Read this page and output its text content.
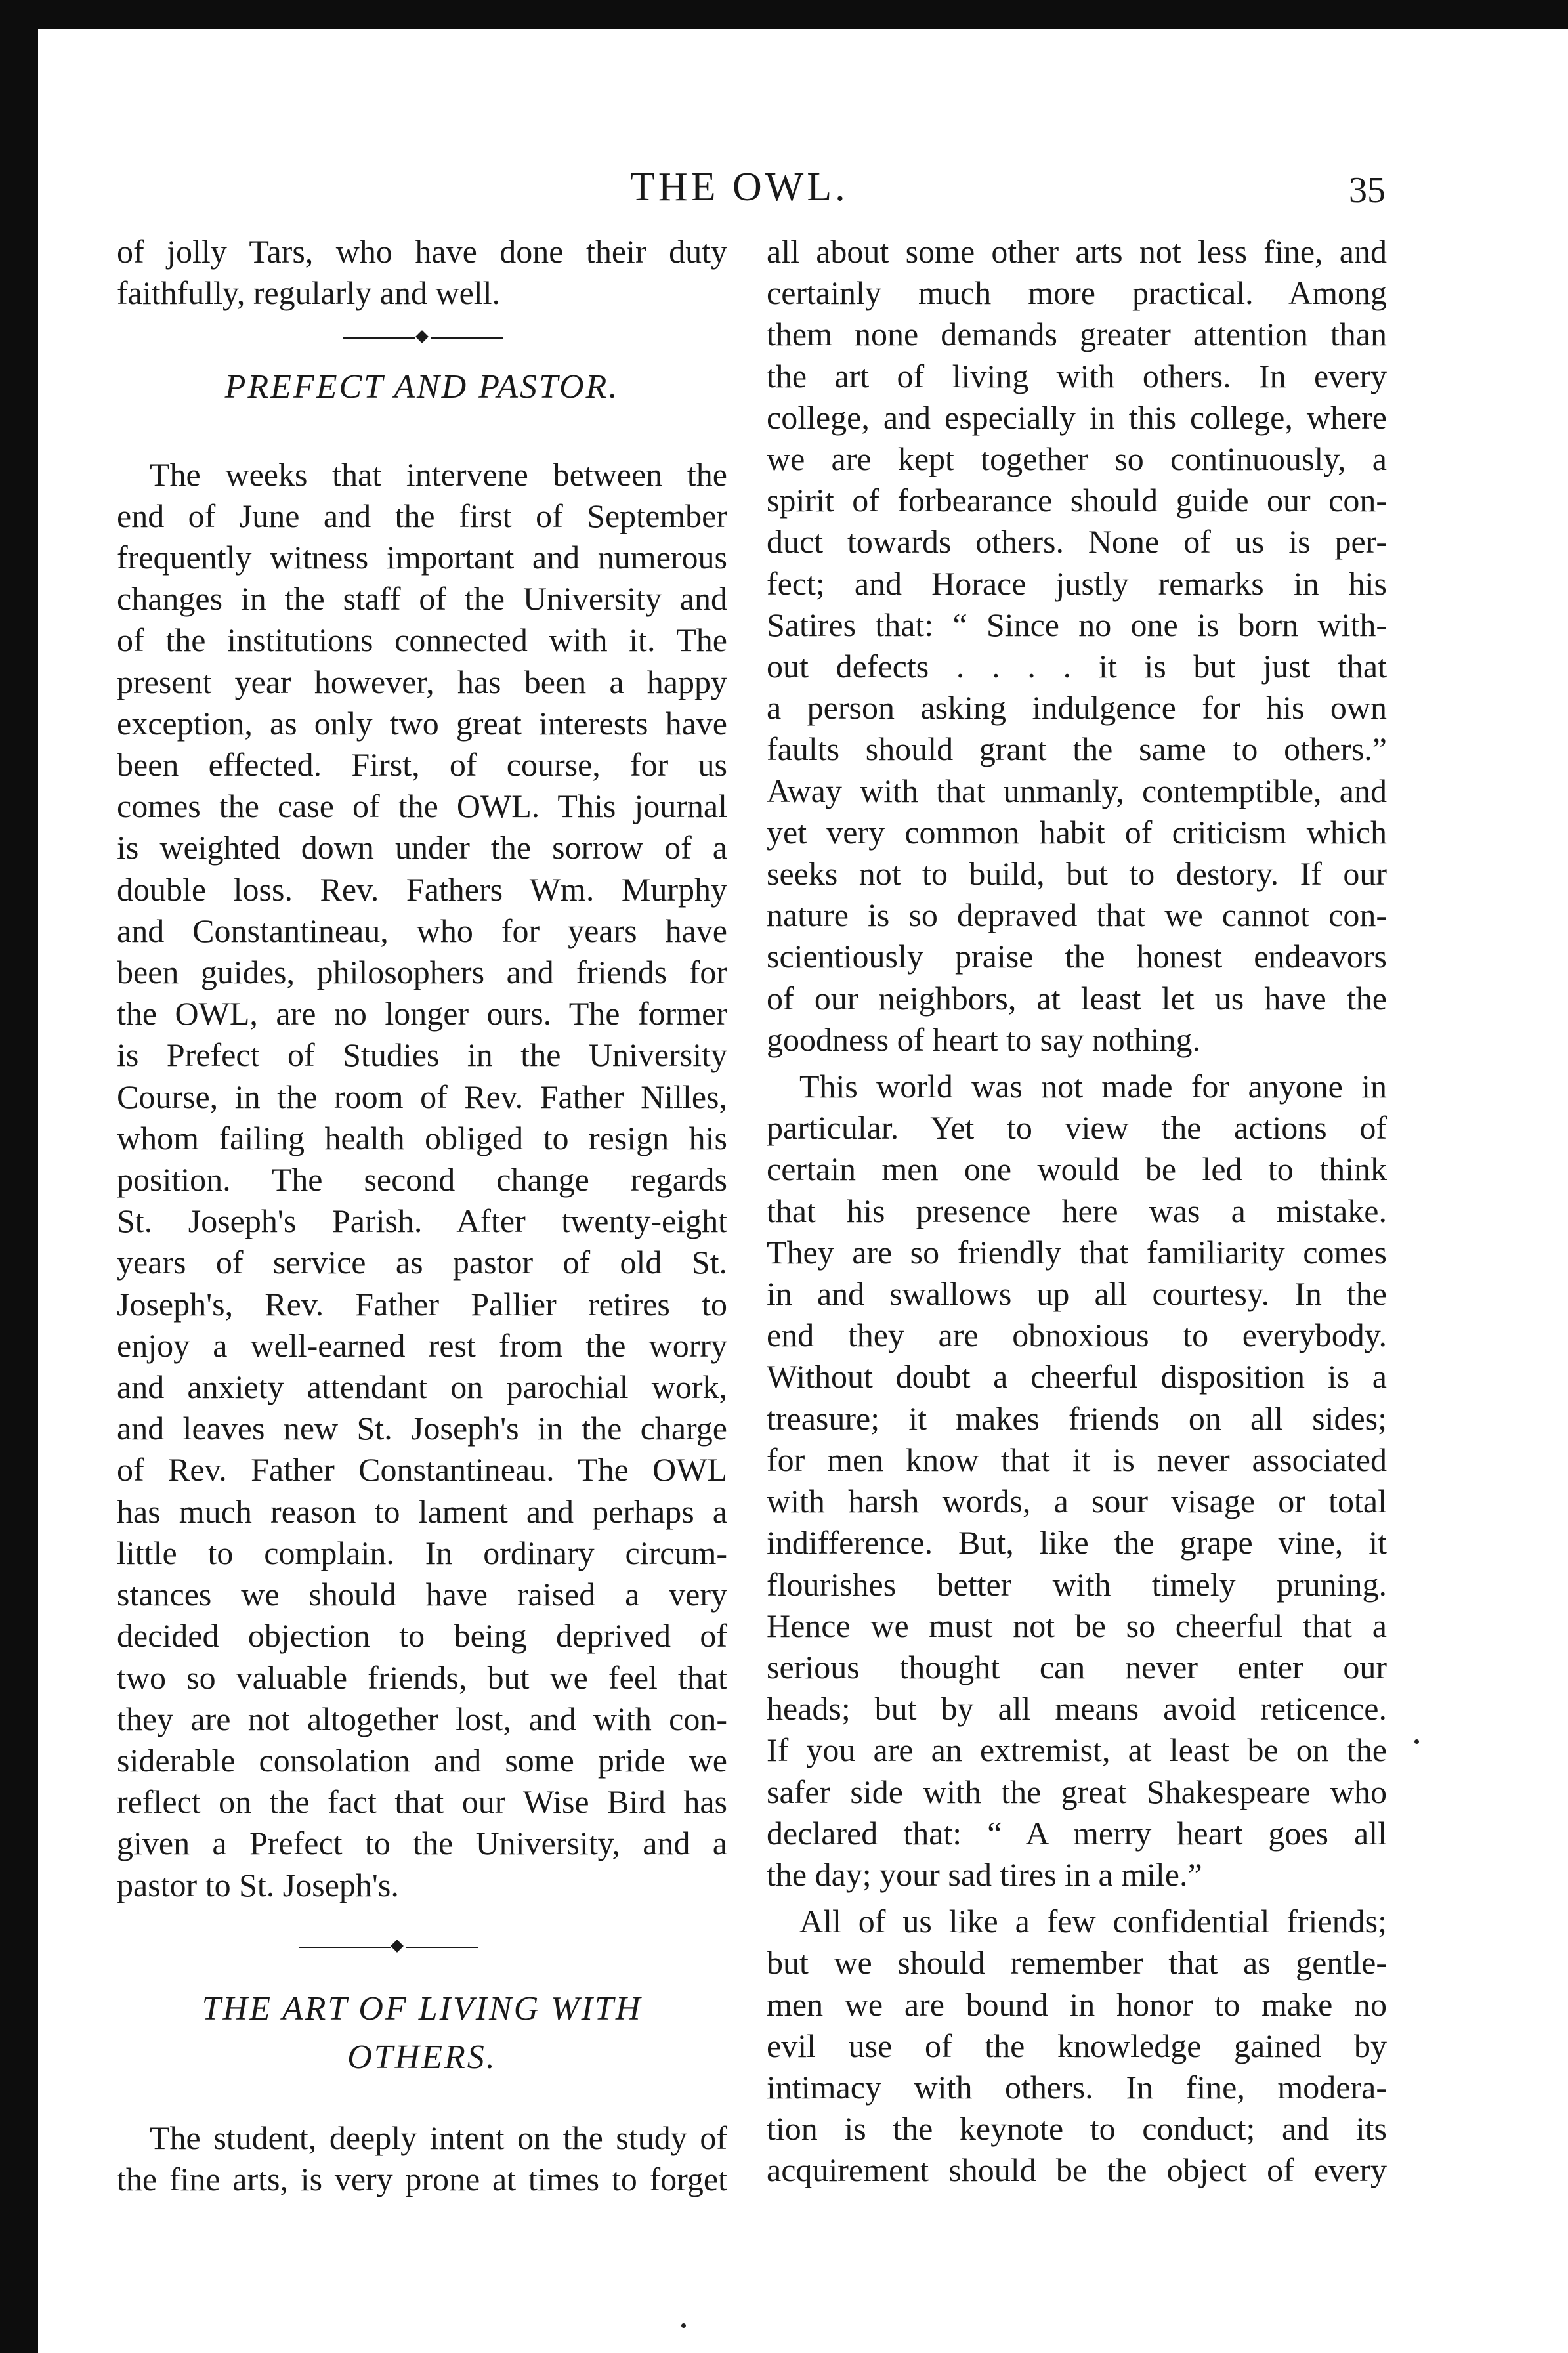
THE OWL.	35

of jolly Tars, who have done their duty

faithfully, regularly and well.

PREFECT AND PASTOR.

The weeks that intervene between the

end of June and the first of September

frequently witness important and numerous

changes in the staff of the University and

of the institutions connected with it. The

present year however, has been a happy

exception, as only two great interests have

been effected. First, of course, for us

comes the case of the OWL. This journal

is weighted down under the sorrow of a

double loss. Rev. Fathers Wm. Murphy

and Constantineau, who for years have

been guides, philosophers and friends for

the OWL, are no longer ours. The former

is Prefect of Studies in the University

Course, in the room of Rev. Father Nilles,

whom failing health obliged to resign his

position. The second change regards

St. Joseph's Parish. After twenty-eight

years of service as pastor of old St.

Joseph's, Rev. Father Pallier retires to

enjoy a well-earned rest from the worry

and anxiety attendant on parochial work,

and leaves new St. Joseph's in the charge

of Rev. Father Constantineau. The OWL

has much reason to lament and perhaps a

little to complain. In ordinary circum-

stances we should have raised a very

decided objection to being deprived of

two so valuable friends, but we feel that

they are not altogether lost, and with con-

siderable consolation and some pride we

reflect on the fact that our Wise Bird has

given a Prefect to the University, and a

pastor to St. Joseph's.

THE ART OF LIVING WITH
OTHERS.

The student, deeply intent on the study of

the fine arts, is very prone at times to forget

all about some other arts not less fine, and

certainly much more practical. Among

them none demands greater attention than

the art of living with others. In every

college, and especially in this college, where

we are kept together so continuously, a

spirit of forbearance should guide our con-

duct towards others. None of us is per-

fect; and Horace justly remarks in his

Satires that: “ Since no one is born with-

out defects . . . . it is but just that

a person asking indulgence for his own

faults should grant the same to others.”

Away with that unmanly, contemptible, and

yet very common habit of criticism which

seeks not to build, but to destory. If our

nature is so depraved that we cannot con-

scientiously praise the honest endeavors

of our neighbors, at least let us have the

goodness of heart to say nothing.

This world was not made for anyone in

particular. Yet to view the actions of

certain men one would be led to think

that his presence here was a mistake.

They are so friendly that familiarity comes

in and swallows up all courtesy. In the

end they are obnoxious to everybody.

Without doubt a cheerful disposition is a

treasure; it makes friends on all sides;

for men know that it is never associated

with harsh words, a sour visage or total

indifference. But, like the grape vine, it

flourishes better with timely pruning.

Hence we must not be so cheerful that a

serious thought can never enter our

heads; but by all means avoid reticence.

If you are an extremist, at least be on the

safer side with the great Shakespeare who

declared that: “ A merry heart goes all

the day; your sad tires in a mile.”

All of us like a few confidential friends;

but we should remember that as gentle-

men we are bound in honor to make no

evil use of the knowledge gained by

intimacy with others. In fine, modera-

tion is the keynote to conduct; and its

acquirement should be the object of every
